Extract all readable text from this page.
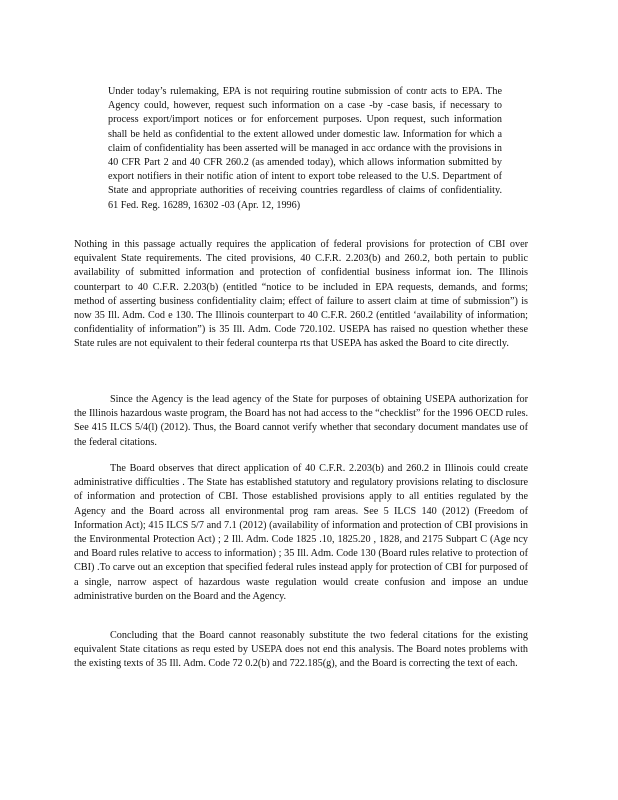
Under today’s rulemaking, EPA is not requiring routine submission of contr acts to EPA. The Agency could, however, request such information on a case -by -case basis, if necessary to process export/import notices or for enforcement purposes. Upon request, such information shall be held as confidential to the extent allowed under domestic law. Information for which a claim of confidentiality has been asserted will be managed in acc ordance with the provisions in 40 CFR Part 2 and 40 CFR 260.2 (as amended today), which allows information submitted by export notifiers in their notific ation of intent to export tobe released to the U.S. Department of State and appropriate authorities of receiving countries regardless of claims of confidentiality. 61 Fed. Reg. 16289, 16302 -03 (Apr. 12, 1996)

Nothing in this passage actually requires the application of federal provisions for protection of CBI over equivalent State requirements. The cited provisions, 40 C.F.R. 2.203(b) and 260.2, both pertain to public availability of submitted information and protection of confidential business informat ion. The Illinois counterpart to 40 C.F.R. 2.203(b) (entitled “notice to be included in EPA requests, demands, and forms; method of asserting business confidentiality claim; effect of failure to assert claim at time of submission”) is now 35 Ill. Adm. Cod e 130. The Illinois counterpart to 40 C.F.R. 260.2 (entitled ‘availability of information; confidentiality of information”) is 35 Ill. Adm. Code 720.102. USEPA has raised no question whether these State rules are not equivalent to their federal counterpa rts that USEPA has asked the Board to cite directly.

Since the Agency is the lead agency of the State for purposes of obtaining USEPA authorization for the Illinois hazardous waste program, the Board has not had access to the “checklist” for the 1996 OECD rules. See 415 ILCS 5/4(l) (2012). Thus, the Board cannot verify whether that secondary document mandates use of the federal citations.

The Board observes that direct application of 40 C.F.R. 2.203(b) and 260.2 in Illinois could create administrative difficulties . The State has established statutory and regulatory provisions relating to disclosure of information and protection of CBI. Those established provisions apply to all entities regulated by the Agency and the Board across all environmental prog ram areas. See 5 ILCS 140 (2012) (Freedom of Information Act); 415 ILCS 5/7 and 7.1 (2012) (availability of information and protection of CBI provisions in the Environmental Protection Act) ; 2 Ill. Adm. Code 1825 .10, 1825.20 , 1828, and 2175 Subpart C (Age ncy and Board rules relative to access to information) ; 35 Ill. Adm. Code 130 (Board rules relative to protection of CBI) .To carve out an exception that specified federal rules instead apply for protection of CBI for purposed of a single, narrow aspect of hazardous waste regulation would create confusion and impose an undue administrative burden on the Board and the Agency.

Concluding that the Board cannot reasonably substitute the two federal citations for the existing equivalent State citations as requ ested by USEPA does not end this analysis. The Board notes problems with the existing texts of 35 Ill. Adm. Code 72 0.2(b) and 722.185(g), and the Board is correcting the text of each.
